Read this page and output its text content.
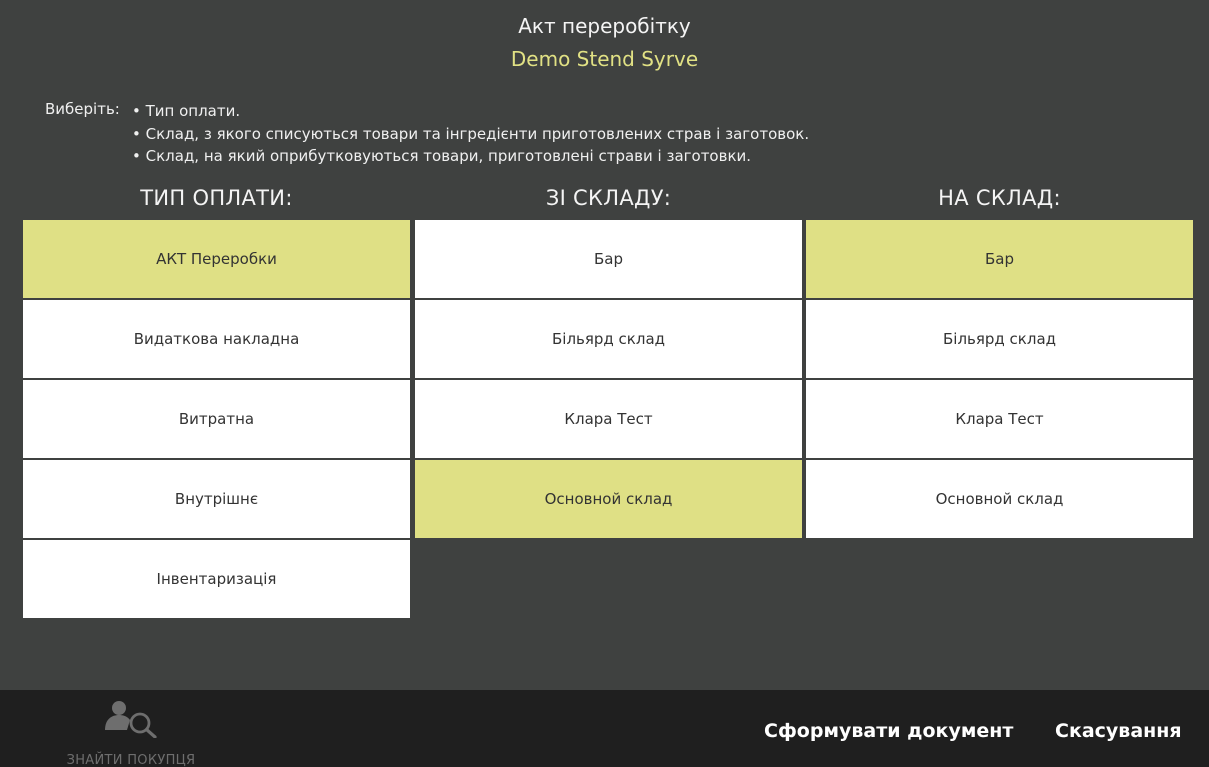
Акт переробітку
Demo Stend Syrve
Виберіть:
•	Тип оплати.
• Склад, з якого списуються товари та інгредієнти приготовлених страв і заготовок.
• Склад, на який оприбутковуються товари, приготовлені страви і заготовки.
ТИП ОПЛАТИ:
АКТ Переробки
Видаткова накладна
Витратна
Внутрішнє
Інвентаризація
ЗІ СКЛАДУ:
Бар
Більярд склад
Клара Тест
Основной склад
НА СКЛАД:
Бар
Більярд склад
Клара Тест
Основной склад
ЗНАЙТИ ПОКУПЦЯ
Сформувати документ Скасування
